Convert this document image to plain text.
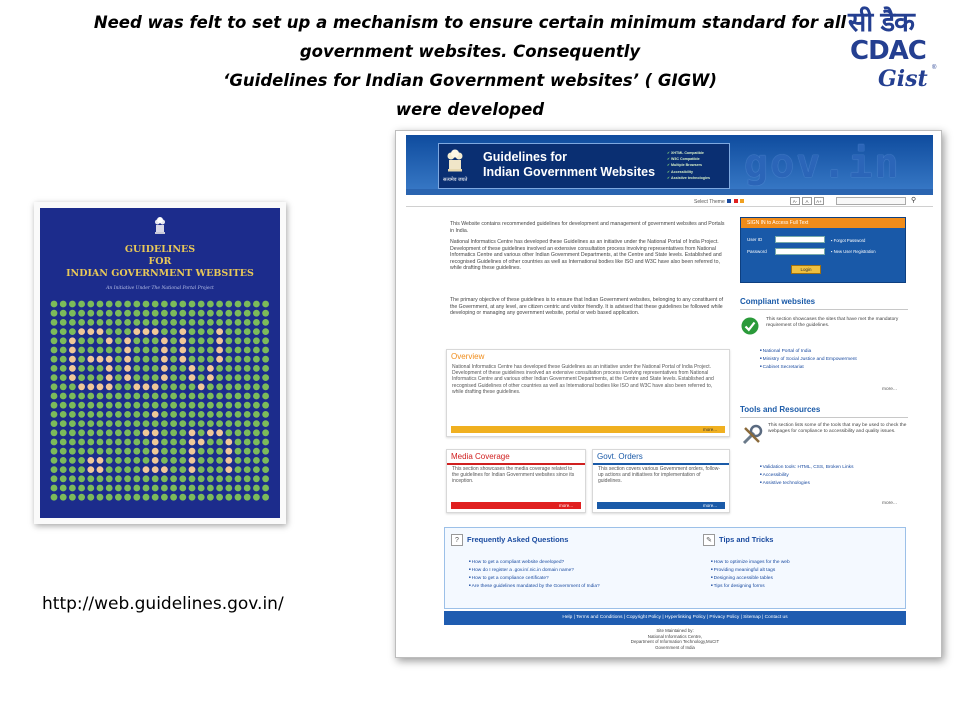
Need was felt to set up a mechanism to ensure certain minimum standard for all
government websites. Consequently
‘Guidelines for Indian Government websites’ ( GIGW)
were developed
सी डैक
CDAC
Gist ®
GUIDELINES
FOR
INDIAN GOVERNMENT WEBSITES
An Initiative Under The National Portal Project
http://web.guidelines.gov.in/
सत्यमेव जयते
Guidelines for
Indian Government Websites
✔ XHTML Compatible
✔ W3C Compatible
✔ Multiple Browsers
✔ Accessibility
✔ Assistive technologies gov.in
Select Theme	A-	A	A+	⚲
This Website contains recommended guidelines for development and management of government websites and Portals in India.
National Informatics Centre has developed these Guidelines as an initiative under the National Portal of India Project. Development of these guidelines involved an extensive consultation process involving representatives from National Informatics Centre and various other Indian Government Departments, at the Centre and State levels. Established and recognised Guidelines of other countries as well as International bodies like ISO and W3C have also been referred to, while drafting these guidelines.
The primary objective of these guidelines is to ensure that Indian Government websites, belonging to any constituent of the Government, at any level, are citizen centric and visitor friendly. It is advised that these guidelines be followed while developing or managing any government website, portal or web based application.
Overview
National Informatics Centre has developed these Guidelines as an initiative under the National Portal of India Project. Development of these guidelines involved an extensive consultation process involving representatives from National Informatics Centre and various other Indian Government Departments, at the Centre and State levels. Established and recognised Guidelines of other countries as well as International bodies like ISO and W3C have also been referred to, while drafting these guidelines.
more...
Media Coverage
This section showcases the media coverage related to the guidelines for Indian Government websites since its inception.
more...
Govt. Orders
This section covers various Government orders, follow-up actions and initiatives for implementation of guidelines.
more...
SIGN IN to Access Full Text
User ID
Password
▪ Forgot Password
▪ New User Registration
Login
Compliant websites
This section showcases the sites that have met the mandatory requirement of the guidelines.
■ National Portal of India
■ Ministry of Social Justice and Empowerment
■ Cabinet Secretariat
more...
Tools and Resources
This section lists some of the tools that may be used to check the webpages for compliance to accessibility and quality issues.
■ Validation tools: HTML, CSS, Broken Links
■ Accessibility
■ Assistive technologies
more...
?	Frequently Asked Questions
■ How to get a compliant website developed?
■ How do I register a .gov.in/.nic.in domain name?
■ How to get a compliance certificate?
■ Are these guidelines mandated by the Government of India?
✎ Tips and Tricks
■ How to optimize images for the web
■ Providing meaningful alt tags
■ Designing accessible tables
■ Tips for designing forms
Help | Terms and Conditions | Copyright Policy | Hyperlinking Policy | Privacy Policy | Sitemap | Contact us
Site Maintained by:
National Informatics Centre,
Department of Information Technology,MoCIT
Government of India
